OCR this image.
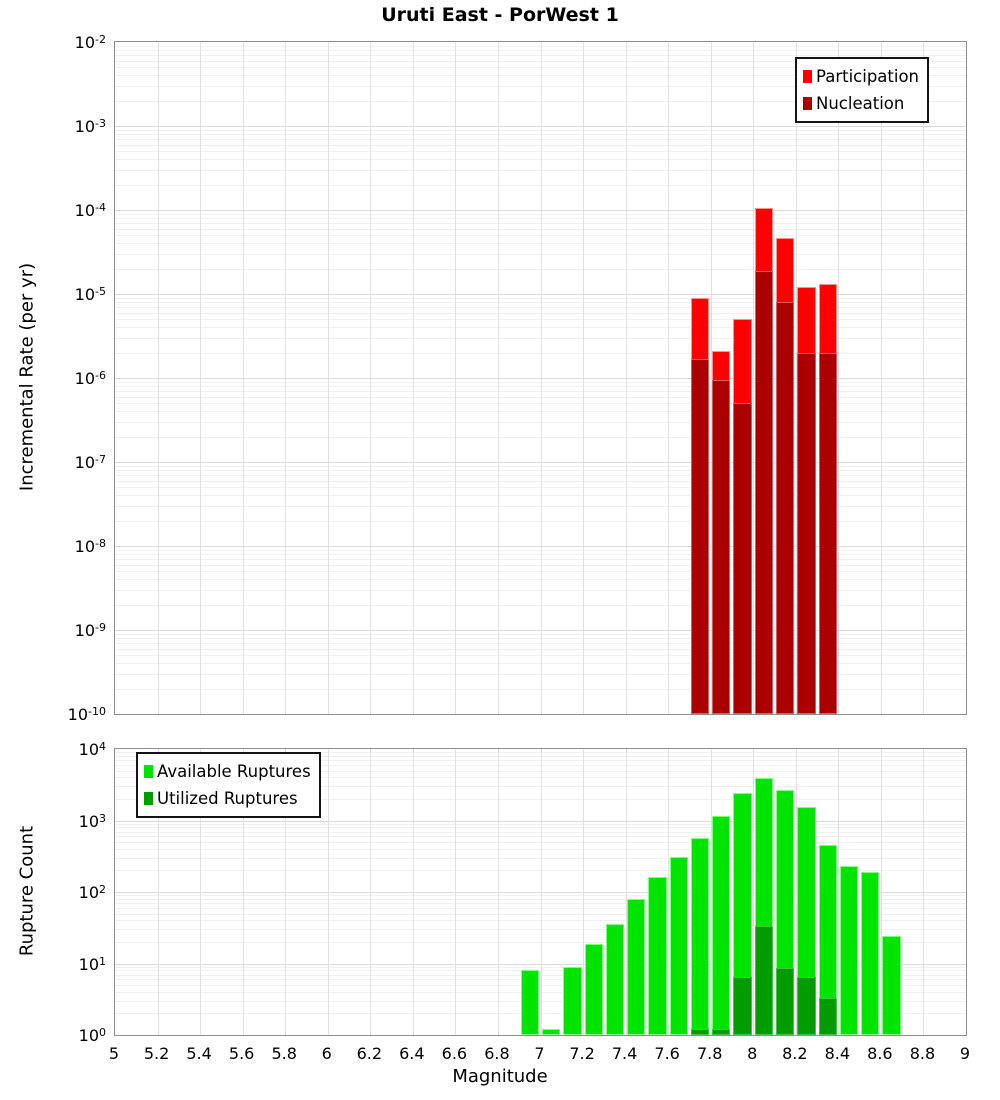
Uruti East - PorWest 1
Incremental Rate (per yr)
Rupture Count
$10^{-2}$
$10^{-3}$
$10^{-4}$
$10^{-5}$
$10^{-6}$
$10^{-7}$
$10^{-8}$
$10^{-9}$
$10^{-10}$
$10^4$
$10^3$
$10^2$
$10^1$
$10^0$
5	5.2	5.4	5.6	5.8	6	6.2	6.4	6.6	6.8	7	7.2	7.4	7.6	7.8	8	8.2	8.4	8.6	8.8	9
Magnitude
Participation
Nucleation
Available Ruptures
Utilized Ruptures
